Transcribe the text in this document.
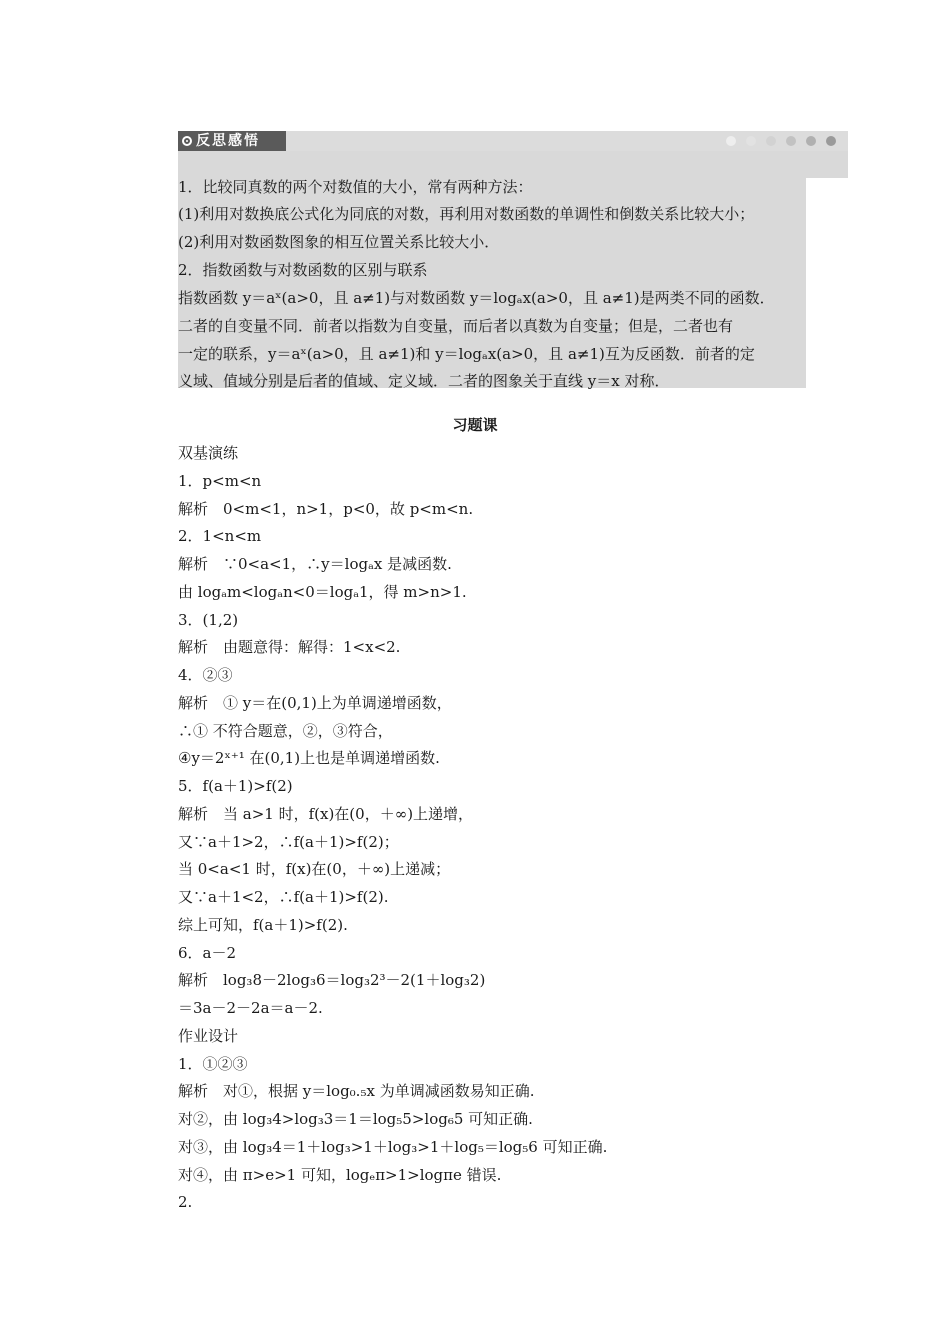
反思感悟
1．比较同真数的两个对数值的大小，常有两种方法：
(1)利用对数换底公式化为同底的对数，再利用对数函数的单调性和倒数关系比较大小；
(2)利用对数函数图象的相互位置关系比较大小．
2．指数函数与对数函数的区别与联系
指数函数 y＝aˣ(a>0，且 a≠1)与对数函数 y＝logₐx(a>0，且 a≠1)是两类不同的函数．
二者的自变量不同．前者以指数为自变量，而后者以真数为自变量；但是，二者也有
一定的联系，y＝aˣ(a>0，且 a≠1)和 y＝logₐx(a>0，且 a≠1)互为反函数．前者的定
义域、值域分别是后者的值域、定义域．二者的图象关于直线 y＝x 对称．
习题课
双基演练
1．p<m<n
解析　0<m<1，n>1，p<0，故 p<m<n.
2．1<n<m
解析　∵0<a<1，∴y＝logₐx 是减函数.
由 logₐm<logₐn<0＝logₐ1，得 m>n>1.
3．(1,2)
解析　由题意得：解得：1<x<2.
4．②③
解析　① y＝在(0,1)上为单调递增函数，
∴① 不符合题意，②，③符合，
④y＝2ˣ⁺¹ 在(0,1)上也是单调递增函数.
5．f(a＋1)>f(2)
解析　当 a>1 时，f(x)在(0，＋∞)上递增，
又∵a＋1>2，∴f(a＋1)>f(2)；
当 0<a<1 时，f(x)在(0，＋∞)上递减；
又∵a＋1<2，∴f(a＋1)>f(2).
综上可知，f(a＋1)>f(2).
6．a－2
解析　log₃8－2log₃6＝log₃2³－2(1＋log₃2)
＝3a－2－2a＝a－2.
作业设计
1．①②③
解析　对①，根据 y＝log₀.₅x 为单调减函数易知正确.
对②，由 log₃4>log₃3＝1＝log₅5>log₆5 可知正确.
对③，由 log₃4＝1＋log₃>1＋log₃>1＋log₅＝log₅6 可知正确.
对④，由 π>e>1 可知，logₑπ>1>logπe 错误.
2.
